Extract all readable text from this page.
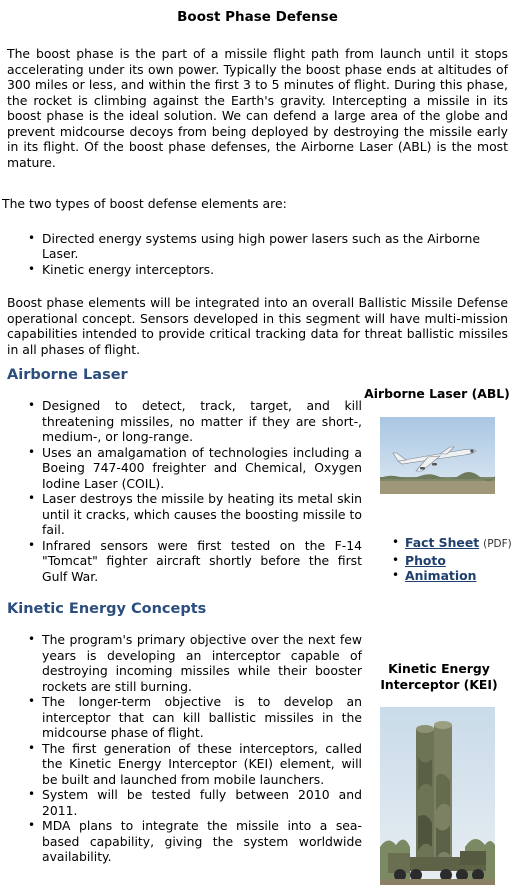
Boost Phase Defense

The boost phase is the part of a missile flight path from launch until it stops accelerating under its own power. Typically the boost phase ends at altitudes of 300 miles or less, and within the first 3 to 5 minutes of flight. During this phase, the rocket is climbing against the Earth's gravity. Intercepting a missile in its boost phase is the ideal solution. We can defend a large area of the globe and prevent midcourse decoys from being deployed by destroying the missile early in its flight. Of the boost phase defenses, the Airborne Laser (ABL) is the most mature.

The two types of boost defense elements are:

• Directed energy systems using high power lasers such as the Airborne Laser.
• Kinetic energy interceptors.

Boost phase elements will be integrated into an overall Ballistic Missile Defense operational concept. Sensors developed in this segment will have multi-mission capabilities intended to provide critical tracking data for threat ballistic missiles in all phases of flight.

Airborne Laser
• Designed to detect, track, target, and kill threatening missiles, no matter if they are short-, medium-, or long-range.
• Uses an amalgamation of technologies including a Boeing 747-400 freighter and Chemical, Oxygen Iodine Laser (COIL).
• Laser destroys the missile by heating its metal skin until it cracks, which causes the boosting missile to fail.
• Infrared sensors were first tested on the F-14 "Tomcat" fighter aircraft shortly before the first Gulf War.
Airborne Laser (ABL)
• Fact Sheet (PDF)
• Photo
• Animation
Kinetic Energy Concepts
• The program's primary objective over the next few years is developing an interceptor capable of destroying incoming missiles while their booster rockets are still burning.
• The longer-term objective is to develop an interceptor that can kill ballistic missiles in the midcourse phase of flight.
• The first generation of these interceptors, called the Kinetic Energy Interceptor (KEI) element, will be built and launched from mobile launchers.
• System will be tested fully between 2010 and 2011.
• MDA plans to integrate the missile into a sea-based capability, giving the system worldwide availability.
Kinetic Energy
Interceptor (KEI)
